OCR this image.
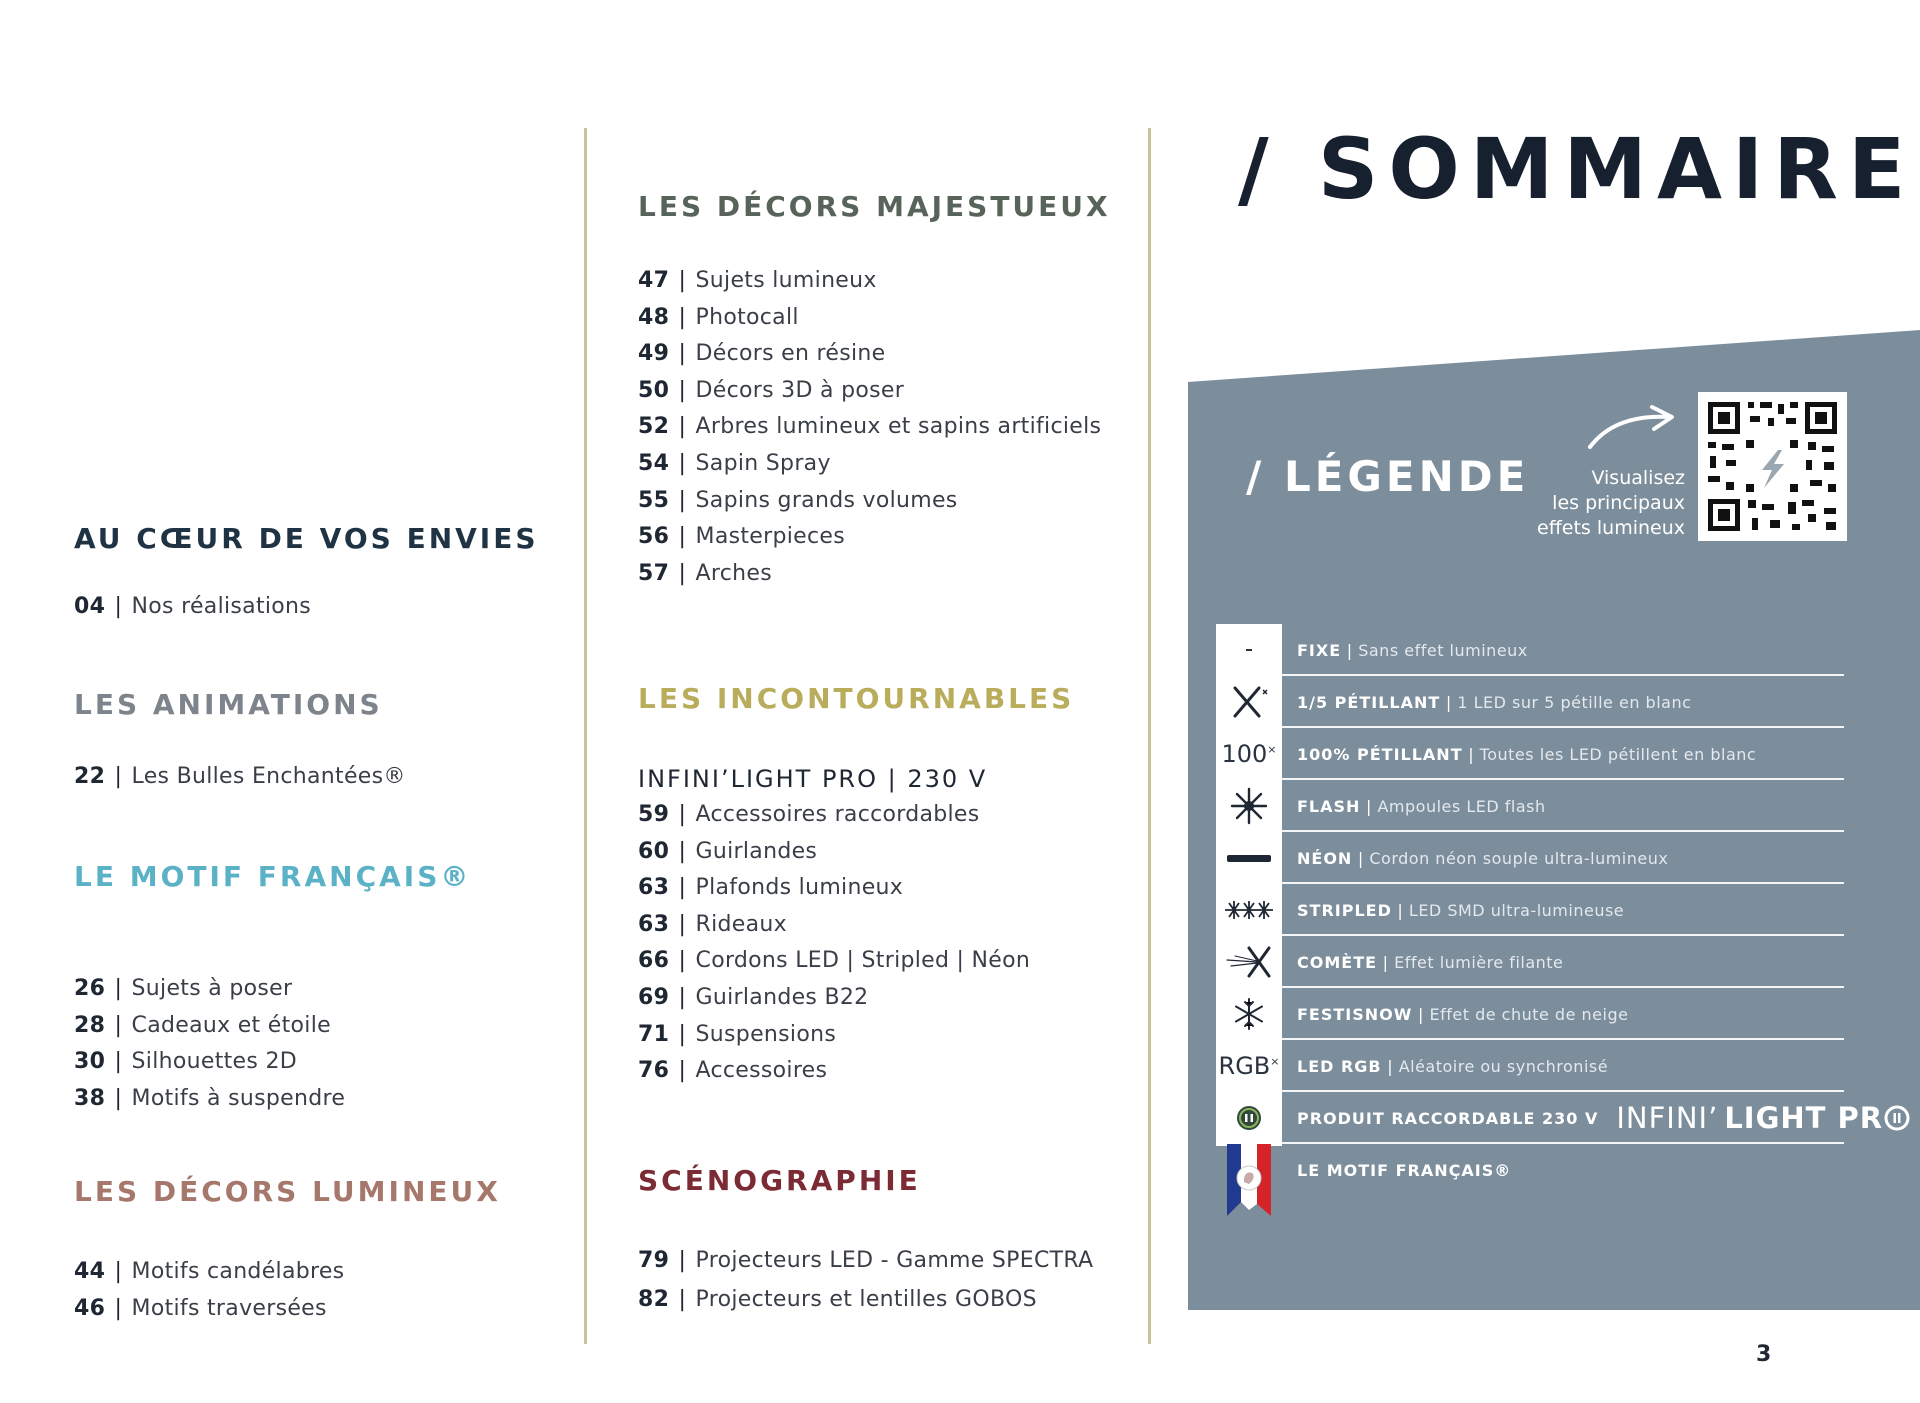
AU CŒUR DE VOS ENVIES
04 | Nos réalisations
LES ANIMATIONS
22 | Les Bulles Enchantées®
LE MOTIF FRANÇAIS®
26 | Sujets à poser
28 | Cadeaux et étoile
30 | Silhouettes 2D
38 | Motifs à suspendre
LES DÉCORS LUMINEUX
44 | Motifs candélabres
46 | Motifs traversées
LES DÉCORS MAJESTUEUX
47 | Sujets lumineux
48 | Photocall
49 | Décors en résine
50 | Décors 3D à poser
52 | Arbres lumineux et sapins artificiels
54 | Sapin Spray
55 | Sapins grands volumes
56 | Masterpieces
57 | Arches
LES INCONTOURNABLES
INFINI’LIGHT PRO | 230 V
59 | Accessoires raccordables
60 | Guirlandes
63 | Plafonds lumineux
63 | Rideaux
66 | Cordons LED | Stripled | Néon
69 | Guirlandes B22
71 | Suspensions
76 | Accessoires
SCÉNOGRAPHIE
79 | Projecteurs LED - Gamme SPECTRA
82 | Projecteurs et lentilles GOBOS
/ SOMMAIRE
/ LÉGENDE	Visualisez
les principaux
effets lumineux
FIXE | Sans effet lumineux
1/5 PÉTILLANT | 1 LED sur 5 pétille en blanc
100× 100% PÉTILLANT | Toutes les LED pétillent en blanc
FLASH | Ampoules LED flash
NÉON | Cordon néon souple ultra-lumineux
STRIPLED | LED SMD ultra-lumineuse
COMÈTE | Effet lumière filante
FESTISNOW | Effet de chute de neige
RGB× LED RGB | Aléatoire ou synchronisé
PRODUIT RACCORDABLE 230 V INFINI’ LIGHT PR
LE MOTIF FRANÇAIS®
3
